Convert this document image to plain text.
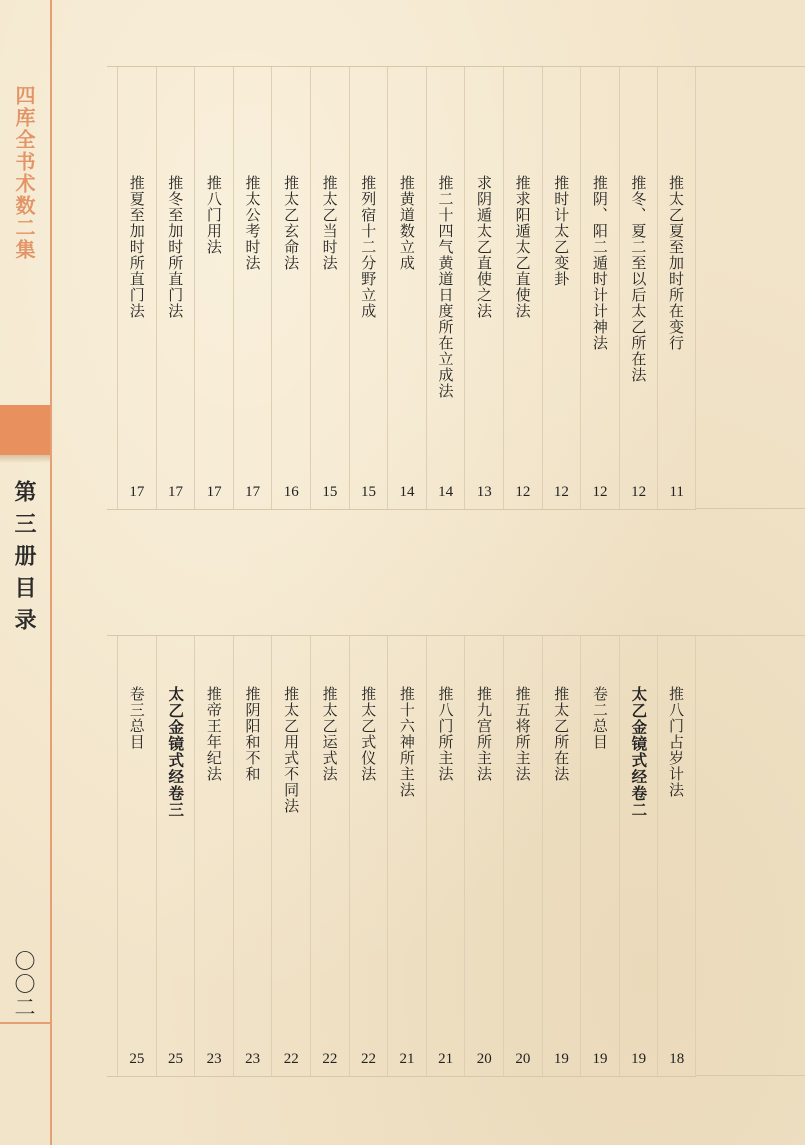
四库全书术数二集
第三册目录
〇〇二
推太乙夏至加时所在变行
11
推冬、夏二至以后太乙所在法
12
推阴、阳二遁时计计神法
12
推时计太乙变卦
12
推求阳遁太乙直使法
12
求阴遁太乙直使之法
13
推二十四气黄道日度所在立成法
14
推黄道数立成
14
推列宿十二分野立成
15
推太乙当时法
15
推太乙玄命法
16
推太公考时法
17
推八门用法
17
推冬至加时所直门法
17
推夏至加时所直门法
17
推八门占岁计法
18
太乙金镜式经卷二
19
卷二总目
19
推太乙所在法
19
推五将所主法
20
推九宫所主法
20
推八门所主法
21
推十六神所主法
21
推太乙式仪法
22
推太乙运式法
22
推太乙用式不同法
22
推阴阳和不和
23
推帝王年纪法
23
太乙金镜式经卷三
25
卷三总目
25
